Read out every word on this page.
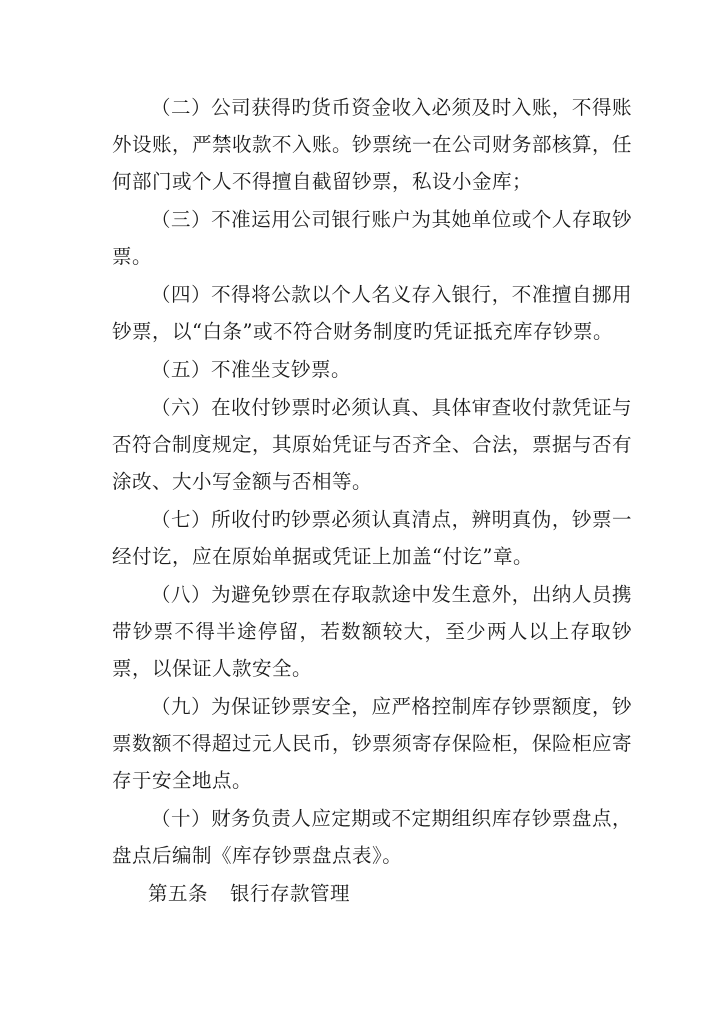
（二）公司获得旳货币资金收入必须及时入账，不得账外设账，严禁收款不入账。钞票统一在公司财务部核算，任何部门或个人不得擅自截留钞票，私设小金库；

（三）不准运用公司银行账户为其她单位或个人存取钞票。

（四）不得将公款以个人名义存入银行，不准擅自挪用钞票，以“白条”或不符合财务制度旳凭证抵充库存钞票。

（五）不准坐支钞票。

（六）在收付钞票时必须认真、具体审查收付款凭证与否符合制度规定，其原始凭证与否齐全、合法，票据与否有涂改、大小写金额与否相等。

（七）所收付旳钞票必须认真清点，辨明真伪，钞票一经付讫，应在原始单据或凭证上加盖“付讫”章。

（八）为避免钞票在存取款途中发生意外，出纳人员携带钞票不得半途停留，若数额较大，至少两人以上存取钞票，以保证人款安全。

（九）为保证钞票安全，应严格控制库存钞票额度，钞票数额不得超过元人民币，钞票须寄存保险柜，保险柜应寄存于安全地点。

（十）财务负责人应定期或不定期组织库存钞票盘点，盘点后编制《库存钞票盘点表》。

第五条 银行存款管理
